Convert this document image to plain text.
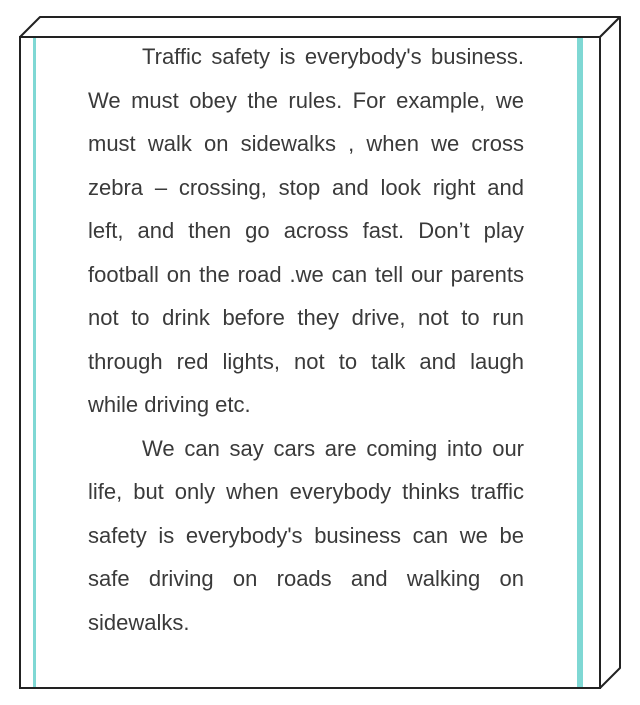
Traffic safety is everybody's business. We must obey the rules. For example, we must walk on sidewalks , when we cross zebra – crossing, stop and look right and left, and then go across fast. Don’t play football on the road .we can tell our parents not to drink before they drive, not to run through red lights, not to talk and laugh while driving etc.

We can say cars are coming into our life, but only when everybody thinks traffic safety is everybody's business can we be safe driving on roads and walking on sidewalks.
